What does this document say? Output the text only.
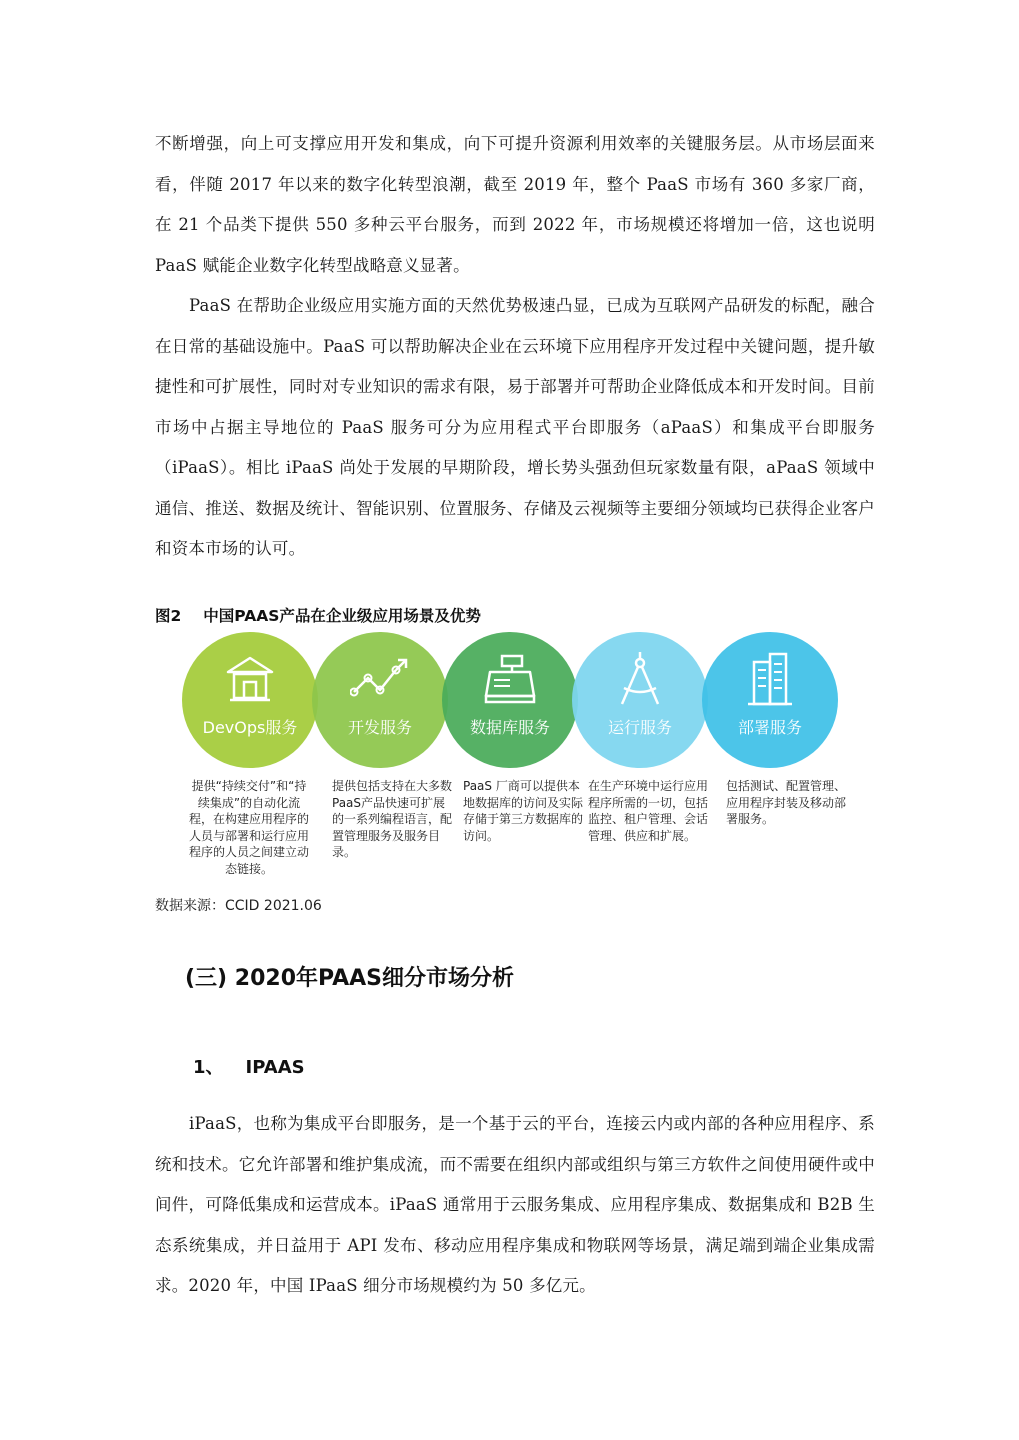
不断增强，向上可支撑应用开发和集成，向下可提升资源利用效率的关键服务层。从市场层面来看，伴随 2017 年以来的数字化转型浪潮，截至 2019 年，整个 PaaS 市场有 360 多家厂商，在 21 个品类下提供 550 多种云平台服务，而到 2022 年，市场规模还将增加一倍，这也说明 PaaS 赋能企业数字化转型战略意义显著。

PaaS 在帮助企业级应用实施方面的天然优势极速凸显，已成为互联网产品研发的标配，融合在日常的基础设施中。PaaS 可以帮助解决企业在云环境下应用程序开发过程中关键问题，提升敏捷性和可扩展性，同时对专业知识的需求有限，易于部署并可帮助企业降低成本和开发时间。目前市场中占据主导地位的 PaaS 服务可分为应用程式平台即服务（aPaaS）和集成平台即服务（iPaaS）。相比 iPaaS 尚处于发展的早期阶段，增长势头强劲但玩家数量有限，aPaaS 领域中通信、推送、数据及统计、智能识别、位置服务、存储及云视频等主要细分领域均已获得企业客户和资本市场的认可。

图2 中国PAAS产品在企业级应用场景及优势
DevOps服务	开发服务	数据库服务	运行服务	部署服务
提供“持续交付”和“持续集成”的自动化流程，在构建应用程序的人员与部署和运行应用程序的人员之间建立动态链接。
提供包括支持在大多数PaaS产品快速可扩展的一系列编程语言，配置管理服务及服务目录。
PaaS 厂商可以提供本地数据库的访问及实际存储于第三方数据库的访问。
在生产环境中运行应用程序所需的一切，包括监控、租户管理、会话管理、供应和扩展。
包括测试、配置管理、应用程序封装及移动部署服务。
数据来源：CCID 2021.06
(三) 2020年PAAS细分市场分析
1、 IPAAS

iPaaS，也称为集成平台即服务，是一个基于云的平台，连接云内或内部的各种应用程序、系统和技术。它允许部署和维护集成流，而不需要在组织内部或组织与第三方软件之间使用硬件或中间件，可降低集成和运营成本。iPaaS 通常用于云服务集成、应用程序集成、数据集成和 B2B 生态系统集成，并日益用于 API 发布、移动应用程序集成和物联网等场景，满足端到端企业集成需求。2020 年，中国 IPaaS 细分市场规模约为 50 多亿元。
